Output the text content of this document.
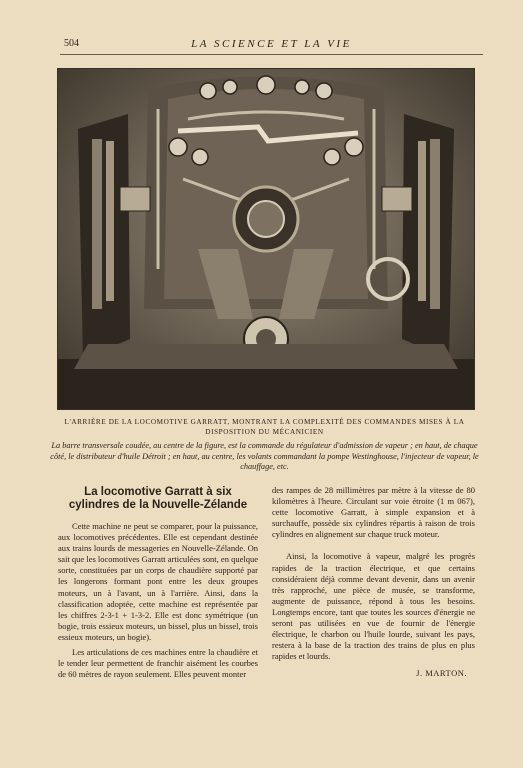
504	LA SCIENCE ET LA VIE
L'ARRIÈRE DE LA LOCOMOTIVE GARRATT, MONTRANT LA COMPLEXITÉ DES COMMANDES MISES À LA DISPOSITION DU MÉCANICIEN
La barre transversale coudée, au centre de la figure, est la commande du régulateur d'admission de vapeur ; en haut, de chaque côté, le distributeur d'huile Détroit ; en haut, au centre, les volants commandant la pompe Westinghouse, l'injecteur de vapeur, le chauffage, etc.
La locomotive Garratt à six cylindres de la Nouvelle-Zélande

Cette machine ne peut se comparer, pour la puissance, aux locomotives précédentes. Elle est cependant destinée aux trains lourds de messageries en Nouvelle-Zélande. On sait que les locomotives Garratt articulées sont, en quelque sorte, constituées par un corps de chaudière supporté par les longerons formant pont entre les deux groupes moteurs, un à l'avant, un à l'arrière. Ainsi, dans la classification adoptée, cette machine est représentée par les chiffres 2-3-1 + 1-3-2. Elle est donc symétrique (un bogie, trois essieux moteurs, un bissel, plus un bissel, trois essieux moteurs, un bogie).

Les articulations de ces machines entre la chaudière et le tender leur permettent de franchir aisément les courbes de 60 mètres de rayon seulement. Elles peuvent monter

des rampes de 28 millimètres par mètre à la vitesse de 80 kilomètres à l'heure. Circulant sur voie étroite (1 m 067), cette locomotive Garratt, à simple expansion et à surchauffe, possède six cylindres répartis à raison de trois cylindres en alignement sur chaque truck moteur.

Ainsi, la locomotive à vapeur, malgré les progrès rapides de la traction électrique, et que certains considéraient déjà comme devant devenir, dans un avenir très rapproché, une pièce de musée, se transforme, augmente de puissance, répond à tous les besoins. Longtemps encore, tant que toutes les sources d'énergie ne seront pas utilisées en vue de fournir de l'énergie électrique, le charbon ou l'huile lourde, suivant les pays, restera à la base de la traction des trains de plus en plus rapides et lourds.

J. MARTON.
